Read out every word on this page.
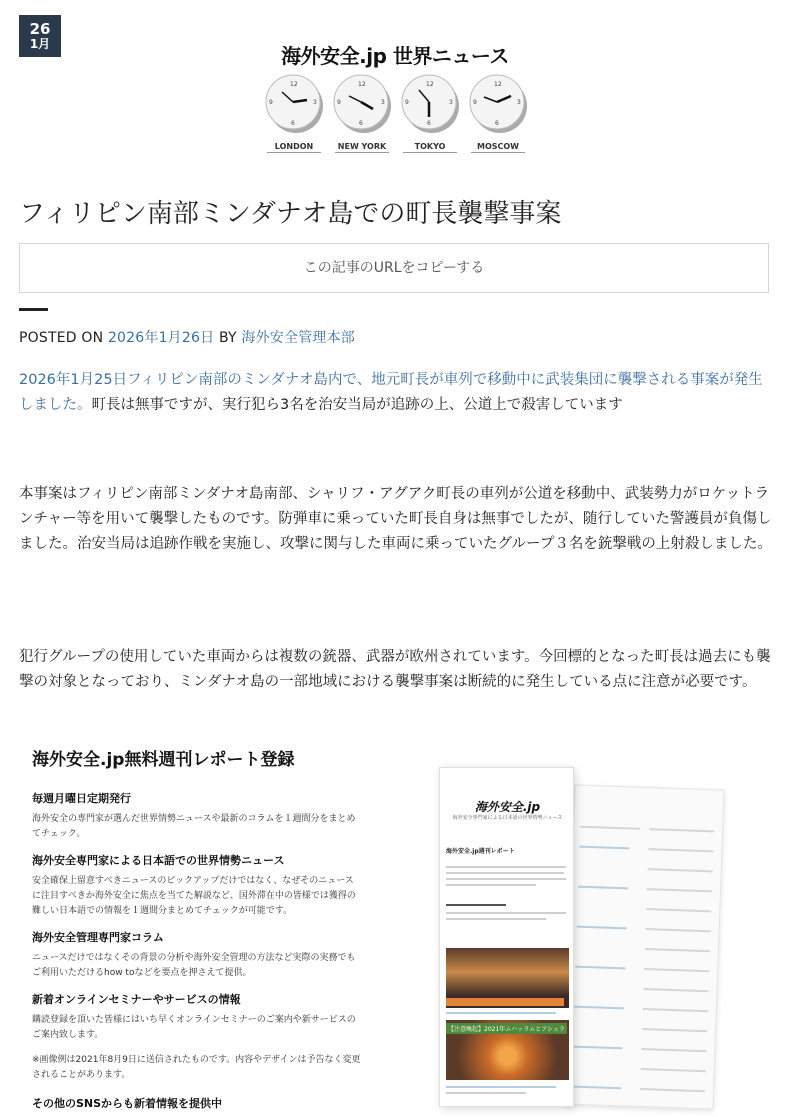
26
1月	海外安全.jp 世界ニュース
12
3
6
9
12
3
6
9
12
3
6
9
12
3
6
9
LONDON	NEW YORK	TOKYO	MOSCOW
フィリピン南部ミンダナオ島での町長襲撃事案
この記事のURLをコピーする
POSTED ON 2026年1月26日 BY 海外安全管理本部

2026年1月25日フィリピン南部のミンダナオ島内で、地元町長が車列で移動中に武装集団に襲撃される事案が発生しました。町長は無事ですが、実行犯ら3名を治安当局が追跡の上、公道上で殺害しています

本事案はフィリピン南部ミンダナオ島南部、シャリフ・アグアク町長の車列が公道を移動中、武装勢力がロケットランチャー等を用いて襲撃したものです。防弾車に乗っていた町長自身は無事でしたが、随行していた警護員が負傷しました。治安当局は追跡作戦を実施し、攻撃に関与した車両に乗っていたグループ３名を銃撃戦の上射殺しました。

犯行グループの使用していた車両からは複数の銃器、武器が欧州されています。今回標的となった町長は過去にも襲撃の対象となっており、ミンダナオ島の一部地域における襲撃事案は断続的に発生している点に注意が必要です。

海外安全.jp無料週刊レポート登録
毎週月曜日定期発行
海外安全の専門家が選んだ世界情勢ニュースや最新のコラムを１週間分をまとめてチェック。
海外安全専門家による日本語での世界情勢ニュース
安全確保上留意すべきニュースのピックアップだけではなく、なぜそのニュースに注目すべきか海外安全に焦点を当てた解説など、国外滞在中の皆様では獲得の難しい日本語での情報を１週間分まとめてチェックが可能です。
海外安全管理専門家コラム
ニュースだけではなくその背景の分析や海外安全管理の方法など実際の実務でもご利用いただけるhow toなどを要点を押さえて提供。
新着オンラインセミナーやサービスの情報
購読登録を頂いた皆様にはいち早くオンラインセミナーのご案内や新サービスのご案内致します。
※画像例は2021年8月9日に送信されたものです。内容やデザインは予告なく変更されることがあります。
その他のSNSからも新着情報を提供中
海外安全.jp
海外安全専門家による日本語の世界情勢ニュース
海外安全.jp週刊レポート
【注意喚起】2021年ムハッラムとアシュラ
